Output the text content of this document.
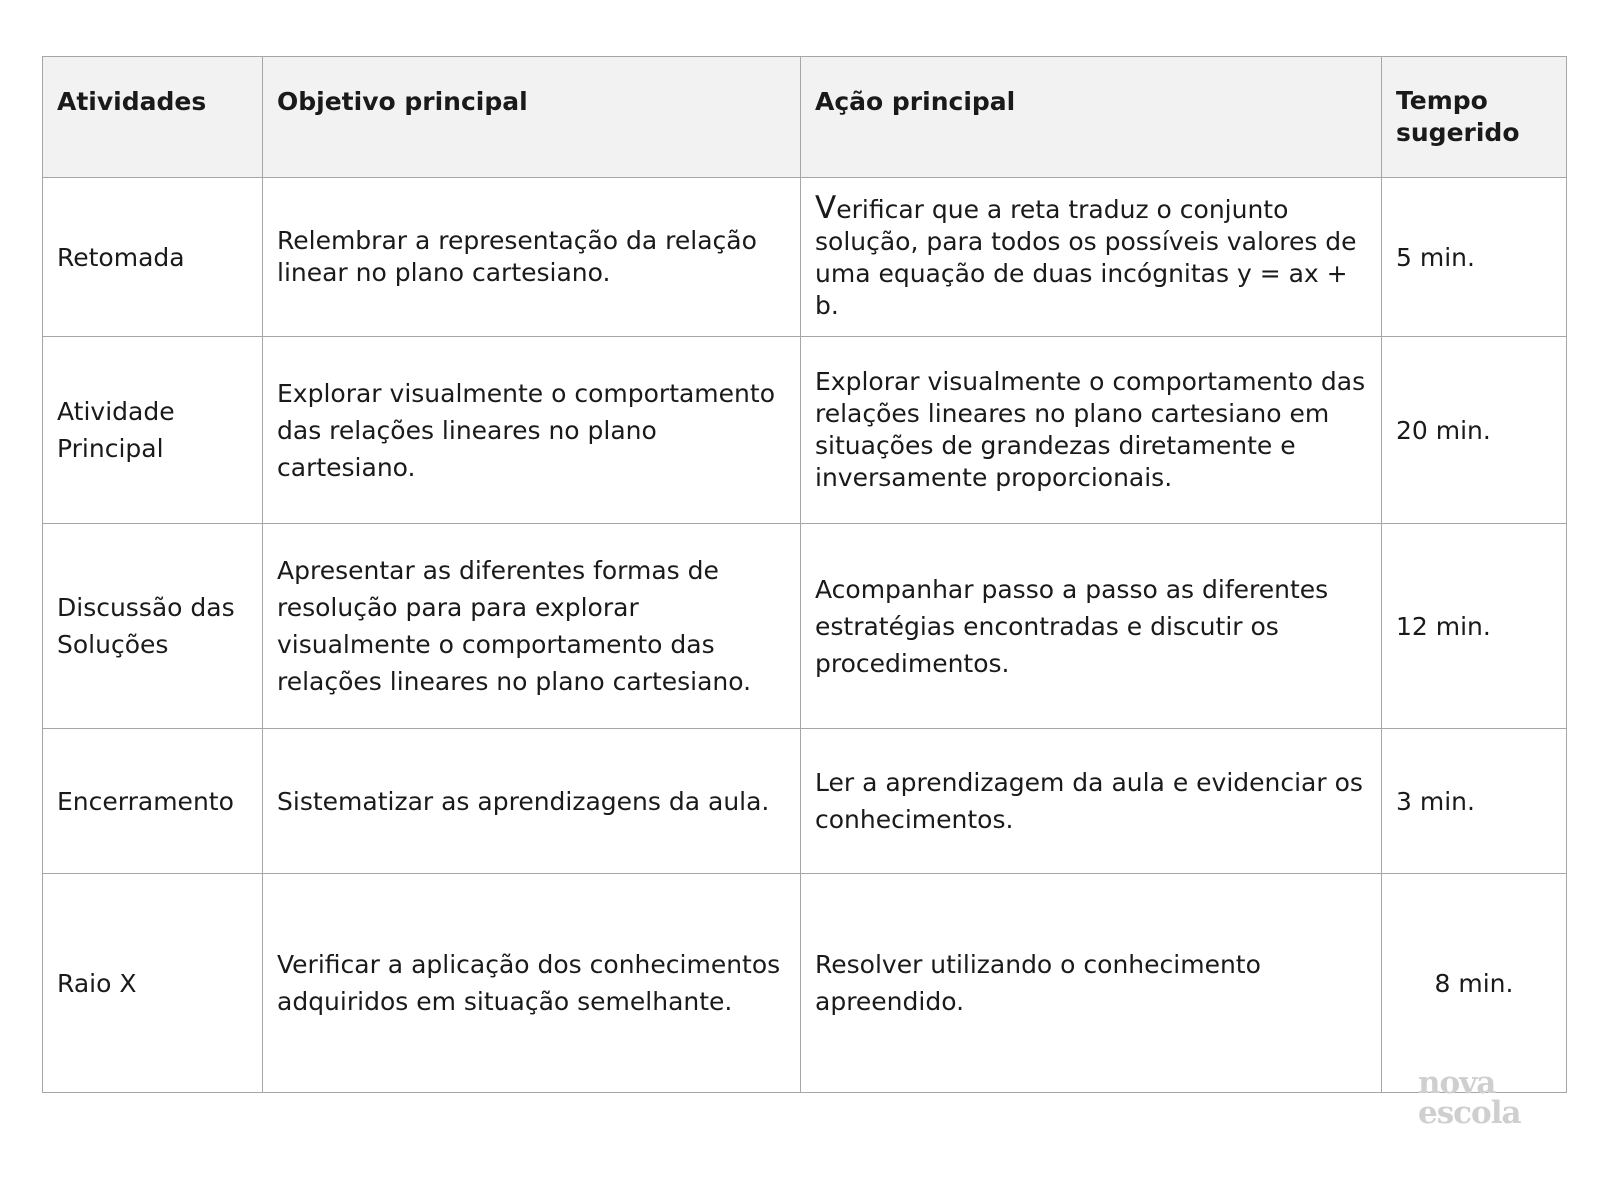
Atividades	Objetivo principal	Ação principal	Tempo sugerido
Retomada	Relembrar a representação da relação linear no plano cartesiano.	Verificar que a reta traduz o conjunto solução, para todos os possíveis valores de uma equação de duas incógnitas y = ax + b.	5 min.
Atividade Principal	Explorar visualmente o comportamento das relações lineares no plano cartesiano.	Explorar visualmente o comportamento das relações lineares no plano cartesiano em situações de grandezas diretamente e inversamente proporcionais.	20 min.
Discussão das Soluções	Apresentar as diferentes formas de resolução para para explorar visualmente o comportamento das relações lineares no plano cartesiano.	Acompanhar passo a passo as diferentes estratégias encontradas e discutir os procedimentos.	12 min.
Encerramento	Sistematizar as aprendizagens da aula.	Ler a aprendizagem da aula e evidenciar os conhecimentos.	3 min.
Raio X	Verificar a aplicação dos conhecimentos adquiridos em situação semelhante.	Resolver utilizando o conhecimento apreendido.	8 min.
nova
escola
